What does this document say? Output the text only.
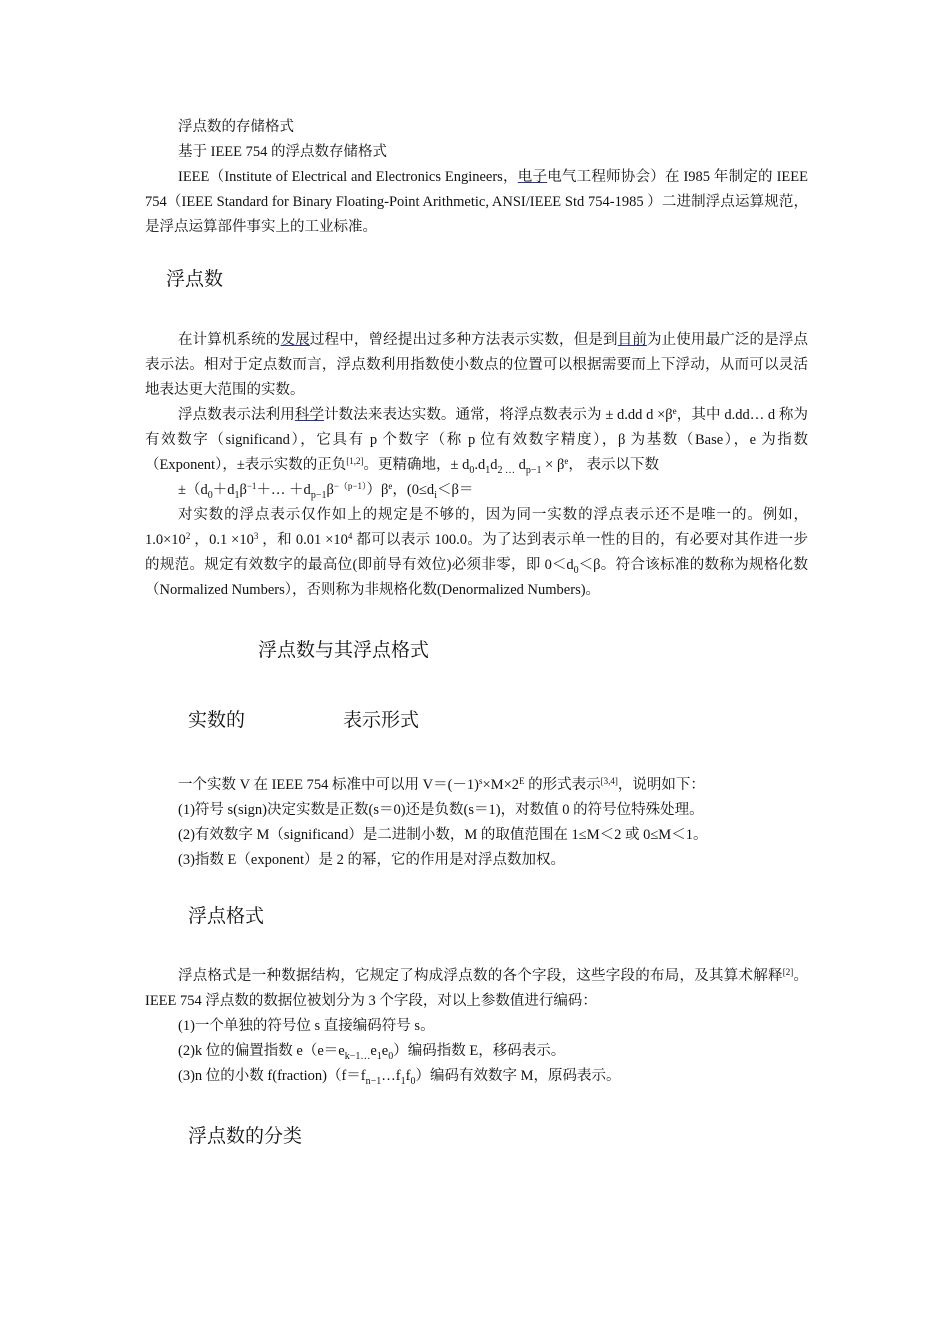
浮点数的存储格式

基于 IEEE 754 的浮点数存储格式

IEEE（Institute of Electrical and Electronics Engineers，电子电气工程师协会）在 I985 年制定的 IEEE 754（IEEE Standard for Binary Floating-Point Arithmetic, ANSI/IEEE Std 754-1985 ）二进制浮点运算规范，是浮点运算部件事实上的工业标准。

浮点数

在计算机系统的发展过程中，曾经提出过多种方法表示实数，但是到目前为止使用最广泛的是浮点表示法。相对于定点数而言，浮点数利用指数使小数点的位置可以根据需要而上下浮动，从而可以灵活地表达更大范围的实数。

浮点数表示法利用科学计数法来表达实数。通常，将浮点数表示为 ± d.dd $d \times\beta^e$，其中 d.dd… d 称为有效数字（significand），它具有 p 个数字（称 p 位有效数字精度），β 为基数（Base），e 为指数（Exponent），±表示实数的正负[1,2]。更精确地，± $d_0.d_1d_{2 \dots}$ $d_{p-1} \times \beta^e$， 表示以下数

$\pm(d_0+d_1\beta^{-1}+\dots +d_{p-1}\beta^{-(p-1)})\beta^e$，($0\le d_i<\beta=$

对实数的浮点表示仅作如上的规定是不够的，因为同一实数的浮点表示还不是唯一的。例如，$1.0\times 10^2$ ，$0.1 \times 10^3$ ，和 $0.01 \times 10^4$ 都可以表示 100.0。为了达到表示单一性的目的，有必要对其作进一步的规范。规定有效数字的最高位(即前导有效位)必须非零，即 $0<d_0<\beta$。符合该标准的数称为规格化数（Normalized Numbers），否则称为非规格化数(Denormalized Numbers)。

浮点数与其浮点格式

实数的	表示形式

一个实数 V 在 IEEE 754 标准中可以用 $V=(-1)^s\times M\times 2^E$ 的形式表示[3,4]，说明如下：

(1)符号 s(sign)决定实数是正数(s＝0)还是负数(s＝1)，对数值 0 的符号位特殊处理。

(2)有效数字 M（significand）是二进制小数，M 的取值范围在 1≤M＜2 或 0≤M＜1。

(3)指数 E（exponent）是 2 的幂，它的作用是对浮点数加权。

浮点格式

浮点格式是一种数据结构，它规定了构成浮点数的各个字段，这些字段的布局，及其算术解释[2]。IEEE 754 浮点数的数据位被划分为 3 个字段，对以上参数值进行编码：

(1)一个单独的符号位 s 直接编码符号 s。

(2)k 位的偏置指数 $e(e=e_{k-1\dots}e_1e_0)$编码指数 E，移码表示。

(3)n 位的小数 $f(fraction)(f=f_{n-1}\dots f_1f_0)$编码有效数字 M，原码表示。

浮点数的分类
